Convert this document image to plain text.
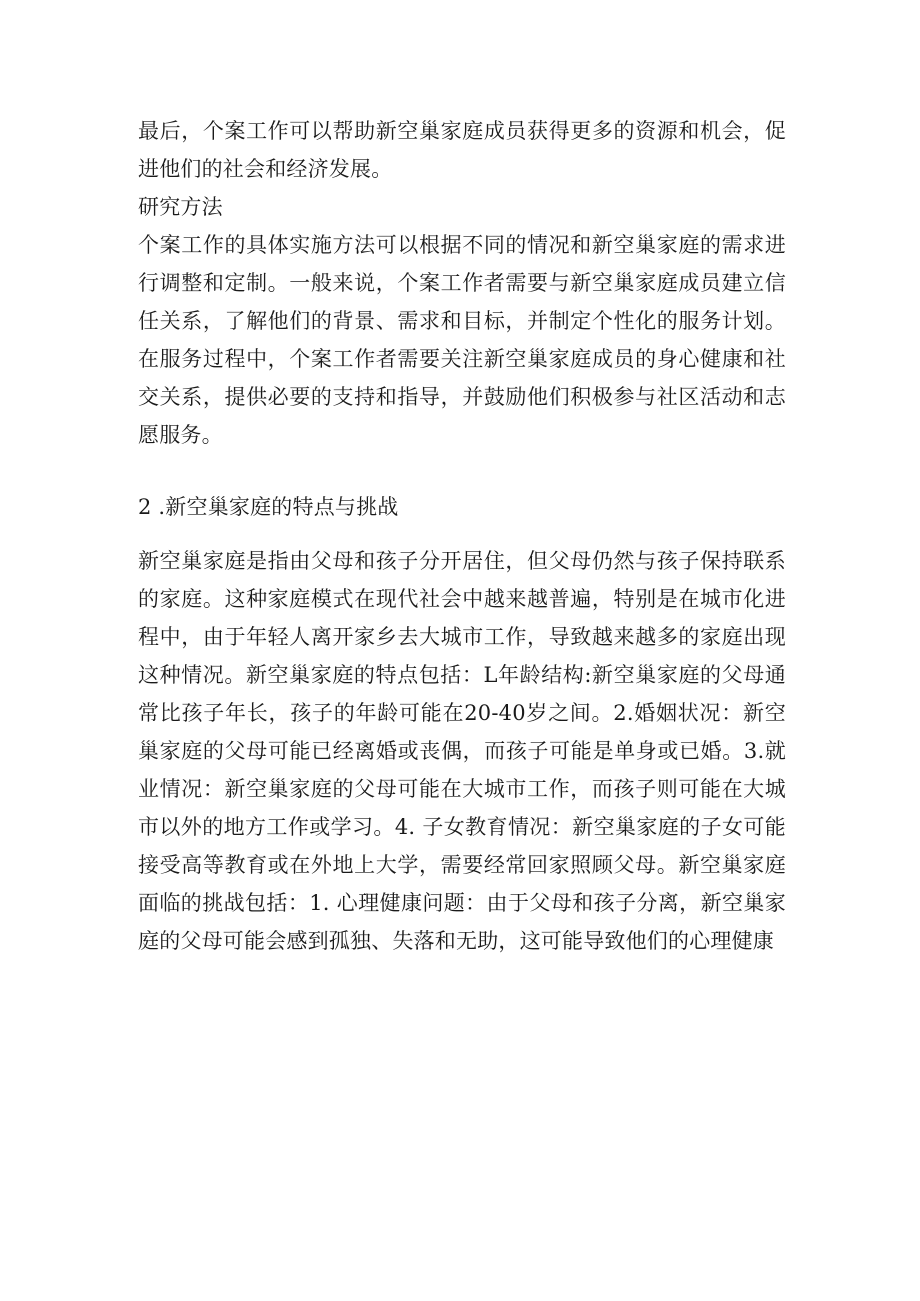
最后，个案工作可以帮助新空巢家庭成员获得更多的资源和机会，促进他们的社会和经济发展。

研究方法

个案工作的具体实施方法可以根据不同的情况和新空巢家庭的需求进行调整和定制。一般来说，个案工作者需要与新空巢家庭成员建立信任关系，了解他们的背景、需求和目标，并制定个性化的服务计划。在服务过程中，个案工作者需要关注新空巢家庭成员的身心健康和社交关系，提供必要的支持和指导，并鼓励他们积极参与社区活动和志愿服务。

2 .新空巢家庭的特点与挑战

新空巢家庭是指由父母和孩子分开居住，但父母仍然与孩子保持联系的家庭。这种家庭模式在现代社会中越来越普遍，特别是在城市化进程中，由于年轻人离开家乡去大城市工作，导致越来越多的家庭出现这种情况。新空巢家庭的特点包括：L年龄结构:新空巢家庭的父母通常比孩子年长，孩子的年龄可能在20-40岁之间。2.婚姻状况：新空巢家庭的父母可能已经离婚或丧偶，而孩子可能是单身或已婚。3.就业情况：新空巢家庭的父母可能在大城市工作，而孩子则可能在大城市以外的地方工作或学习。4. 子女教育情况：新空巢家庭的子女可能接受高等教育或在外地上大学，需要经常回家照顾父母。新空巢家庭面临的挑战包括：1. 心理健康问题：由于父母和孩子分离，新空巢家庭的父母可能会感到孤独、失落和无助，这可能导致他们的心理健康
